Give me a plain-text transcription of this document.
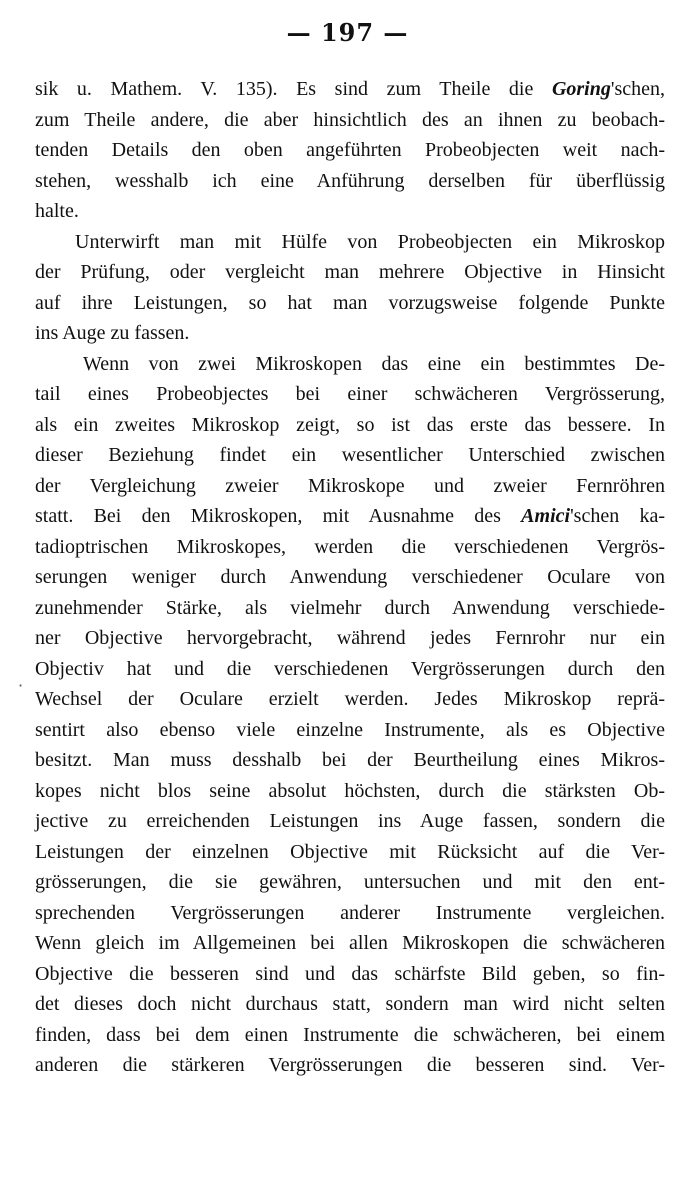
— 197 —
sik u. Mathem. V. 135). Es sind zum Theile die Goring'schen,
zum Theile andere, die aber hinsichtlich des an ihnen zu beobach-
tenden Details den oben angeführten Probeobjecten weit nach-
stehen, wesshalb ich eine Anführung derselben für überflüssig
halte.
Unterwirft man mit Hülfe von Probeobjecten ein Mikroskop
der Prüfung, oder vergleicht man mehrere Objective in Hinsicht
auf ihre Leistungen, so hat man vorzugsweise folgende Punkte
ins Auge zu fassen.
Wenn von zwei Mikroskopen das eine ein bestimmtes De-
tail eines Probeobjectes bei einer schwächeren Vergrösserung,
als ein zweites Mikroskop zeigt, so ist das erste das bessere. In
dieser Beziehung findet ein wesentlicher Unterschied zwischen
der Vergleichung zweier Mikroskope und zweier Fernröhren
statt. Bei den Mikroskopen, mit Ausnahme des Amici'schen ka-
tadioptrischen Mikroskopes, werden die verschiedenen Vergrös-
serungen weniger durch Anwendung verschiedener Oculare von
zunehmender Stärke, als vielmehr durch Anwendung verschiede-
ner Objective hervorgebracht, während jedes Fernrohr nur ein
Objectiv hat und die verschiedenen Vergrösserungen durch den
Wechsel der Oculare erzielt werden. Jedes Mikroskop reprä-
sentirt also ebenso viele einzelne Instrumente, als es Objective
besitzt. Man muss desshalb bei der Beurtheilung eines Mikros-
kopes nicht blos seine absolut höchsten, durch die stärksten Ob-
jective zu erreichenden Leistungen ins Auge fassen, sondern die
Leistungen der einzelnen Objective mit Rücksicht auf die Ver-
grösserungen, die sie gewähren, untersuchen und mit den ent-
sprechenden Vergrösserungen anderer Instrumente vergleichen.
Wenn gleich im Allgemeinen bei allen Mikroskopen die schwächeren
Objective die besseren sind und das schärfste Bild geben, so fin-
det dieses doch nicht durchaus statt, sondern man wird nicht selten
finden, dass bei dem einen Instrumente die schwächeren, bei einem
anderen die stärkeren Vergrösserungen die besseren sind. Ver-
·
